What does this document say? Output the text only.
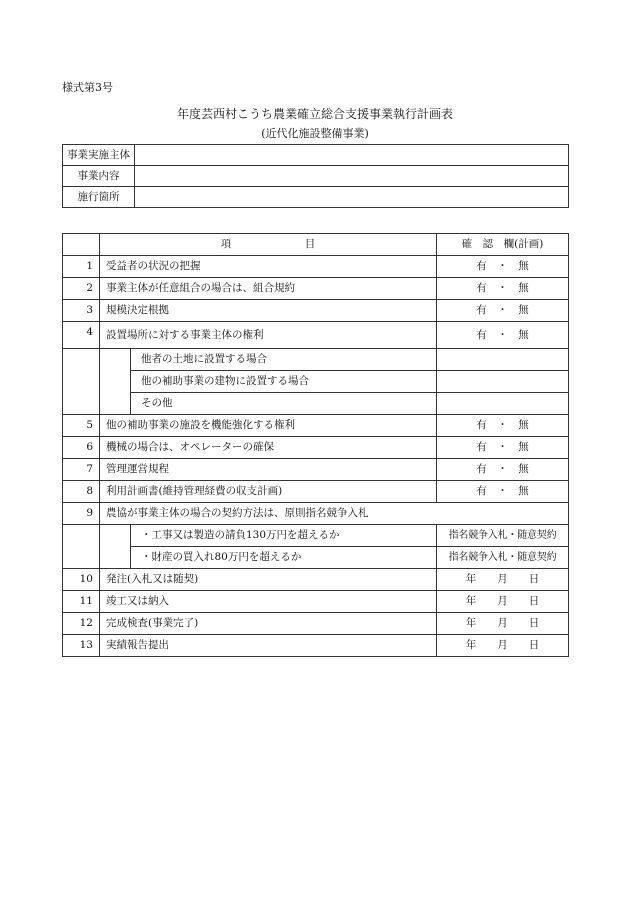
様式第3号
年度芸西村こうち農業確立総合支援事業執行計画表
(近代化施設整備事業)
事業実施主体	
事業内容	
施行箇所	
	項　　　　　　　目		確　認　欄(計画)
1	受益者の状況の把握		有　・　無
2	事業主体が任意組合の場合は、組合規約		有　・　無
3	規模決定根拠		有　・　無
4	設置場所に対する事業主体の権利		有　・　無
		他者の土地に設置する場合	
		他の補助事業の建物に設置する場合	
		その他	
5	他の補助事業の施設を機能強化する権利		有　・　無
6	機械の場合は、オペレーターの確保		有　・　無
7	管理運営規程		有　・　無
8	利用計画書(維持管理経費の収支計画)		有　・　無
9	農協が事業主体の場合の契約方法は、原則指名競争入札		
		・工事又は製造の請負130万円を超えるか	指名競争入札・随意契約
		・財産の買入れ80万円を超えるか	指名競争入札・随意契約
10	発注(入札又は随契)		年　　月　　日
11	竣工又は納入		年　　月　　日
12	完成検査(事業完了)		年　　月　　日
13	実績報告提出		年　　月　　日
